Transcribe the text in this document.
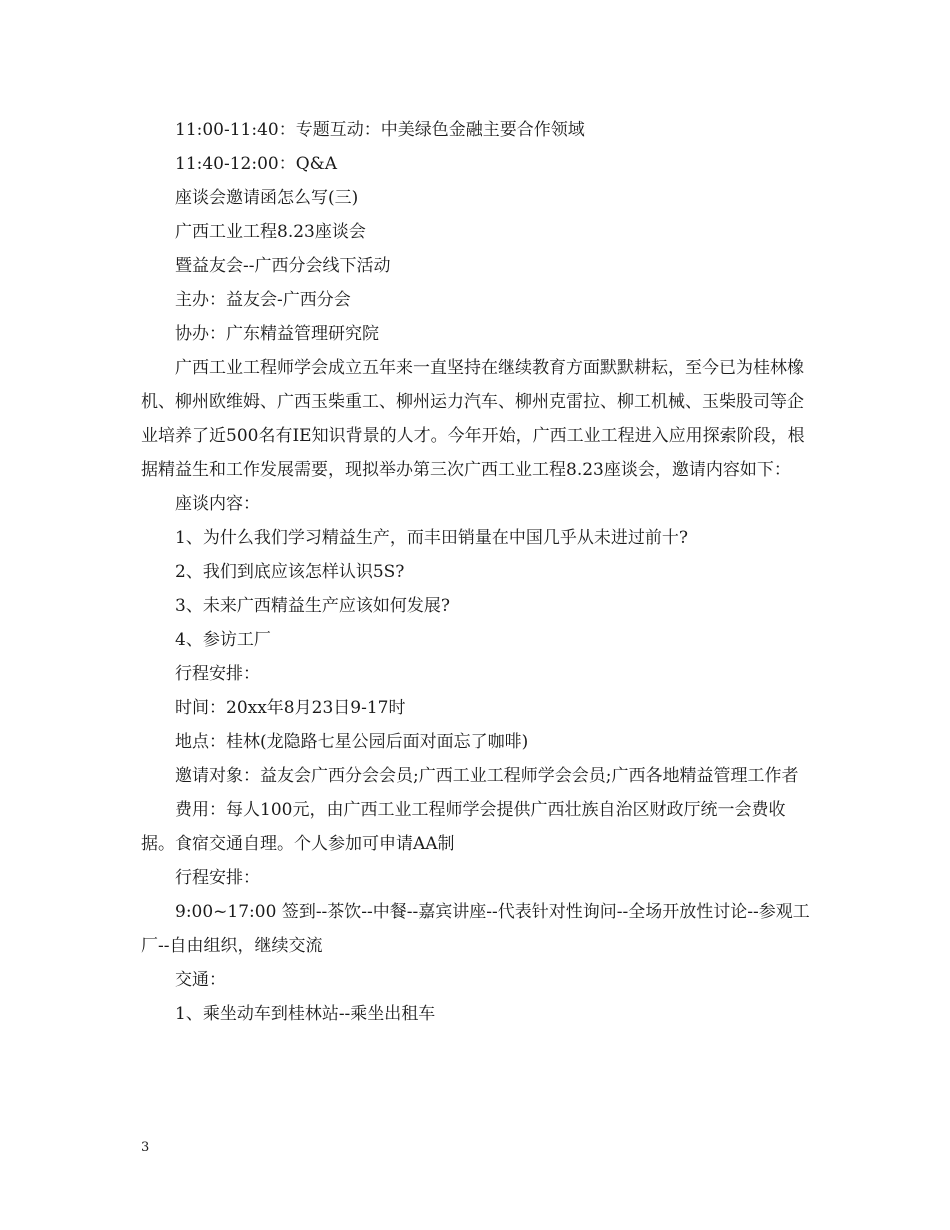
11:00-11:40：专题互动：中美绿色金融主要合作领域

11:40-12:00：Q&A

座谈会邀请函怎么写(三)

广西工业工程8.23座谈会

暨益友会--广西分会线下活动

主办：益友会-广西分会

协办：广东精益管理研究院

广西工业工程师学会成立五年来一直坚持在继续教育方面默默耕耘，至今已为桂林橡机、柳州欧维姆、广西玉柴重工、柳州运力汽车、柳州克雷拉、柳工机械、玉柴股司等企业培养了近500名有IE知识背景的人才。今年开始，广西工业工程进入应用探索阶段，根据精益生和工作发展需要，现拟举办第三次广西工业工程8.23座谈会，邀请内容如下：

座谈内容：

1、为什么我们学习精益生产，而丰田销量在中国几乎从未进过前十?

2、我们到底应该怎样认识5S?

3、未来广西精益生产应该如何发展?

4、参访工厂

行程安排：

时间：20xx年8月23日9-17时

地点：桂林(龙隐路七星公园后面对面忘了咖啡)

邀请对象：益友会广西分会会员;广西工业工程师学会会员;广西各地精益管理工作者

费用：每人100元，由广西工业工程师学会提供广西壮族自治区财政厅统一会费收据。食宿交通自理。个人参加可申请AA制

行程安排：

9:00~17:00 签到--茶饮--中餐--嘉宾讲座--代表针对性询问--全场开放性讨论--参观工厂--自由组织，继续交流

交通：

1、乘坐动车到桂林站--乘坐出租车

3
